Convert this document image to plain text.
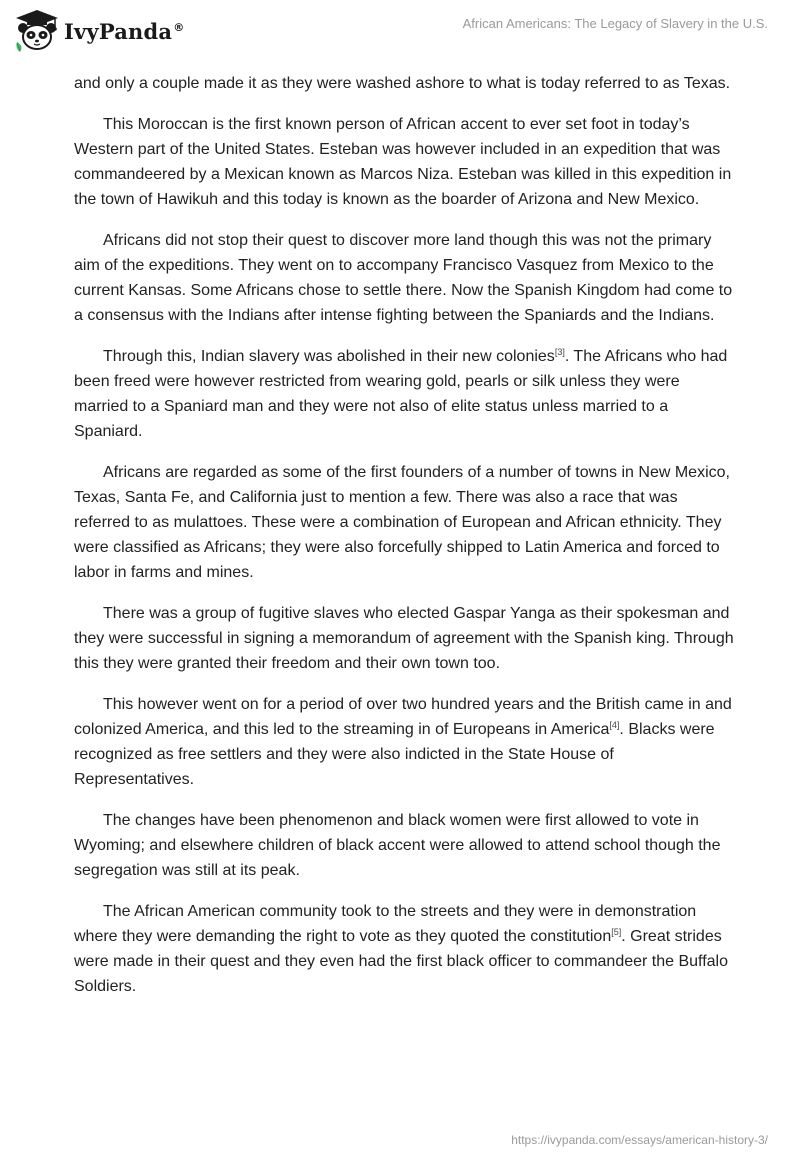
IvyPanda®	African Americans: The Legacy of Slavery in the U.S.

and only a couple made it as they were washed ashore to what is today referred to as Texas.

This Moroccan is the first known person of African accent to ever set foot in today’s Western part of the United States. Esteban was however included in an expedition that was commandeered by a Mexican known as Marcos Niza. Esteban was killed in this expedition in the town of Hawikuh and this today is known as the boarder of Arizona and New Mexico.

Africans did not stop their quest to discover more land though this was not the primary aim of the expeditions. They went on to accompany Francisco Vasquez from Mexico to the current Kansas. Some Africans chose to settle there. Now the Spanish Kingdom had come to a consensus with the Indians after intense fighting between the Spaniards and the Indians.

Through this, Indian slavery was abolished in their new colonies[3]. The Africans who had been freed were however restricted from wearing gold, pearls or silk unless they were married to a Spaniard man and they were not also of elite status unless married to a Spaniard.

Africans are regarded as some of the first founders of a number of towns in New Mexico, Texas, Santa Fe, and California just to mention a few. There was also a race that was referred to as mulattoes. These were a combination of European and African ethnicity. They were classified as Africans; they were also forcefully shipped to Latin America and forced to labor in farms and mines.

There was a group of fugitive slaves who elected Gaspar Yanga as their spokesman and they were successful in signing a memorandum of agreement with the Spanish king. Through this they were granted their freedom and their own town too.

This however went on for a period of over two hundred years and the British came in and colonized America, and this led to the streaming in of Europeans in America[4]. Blacks were recognized as free settlers and they were also indicted in the State House of Representatives.

The changes have been phenomenon and black women were first allowed to vote in Wyoming; and elsewhere children of black accent were allowed to attend school though the segregation was still at its peak.

The African American community took to the streets and they were in demonstration where they were demanding the right to vote as they quoted the constitution[5]. Great strides were made in their quest and they even had the first black officer to commandeer the Buffalo Soldiers.

https://ivypanda.com/essays/american-history-3/
